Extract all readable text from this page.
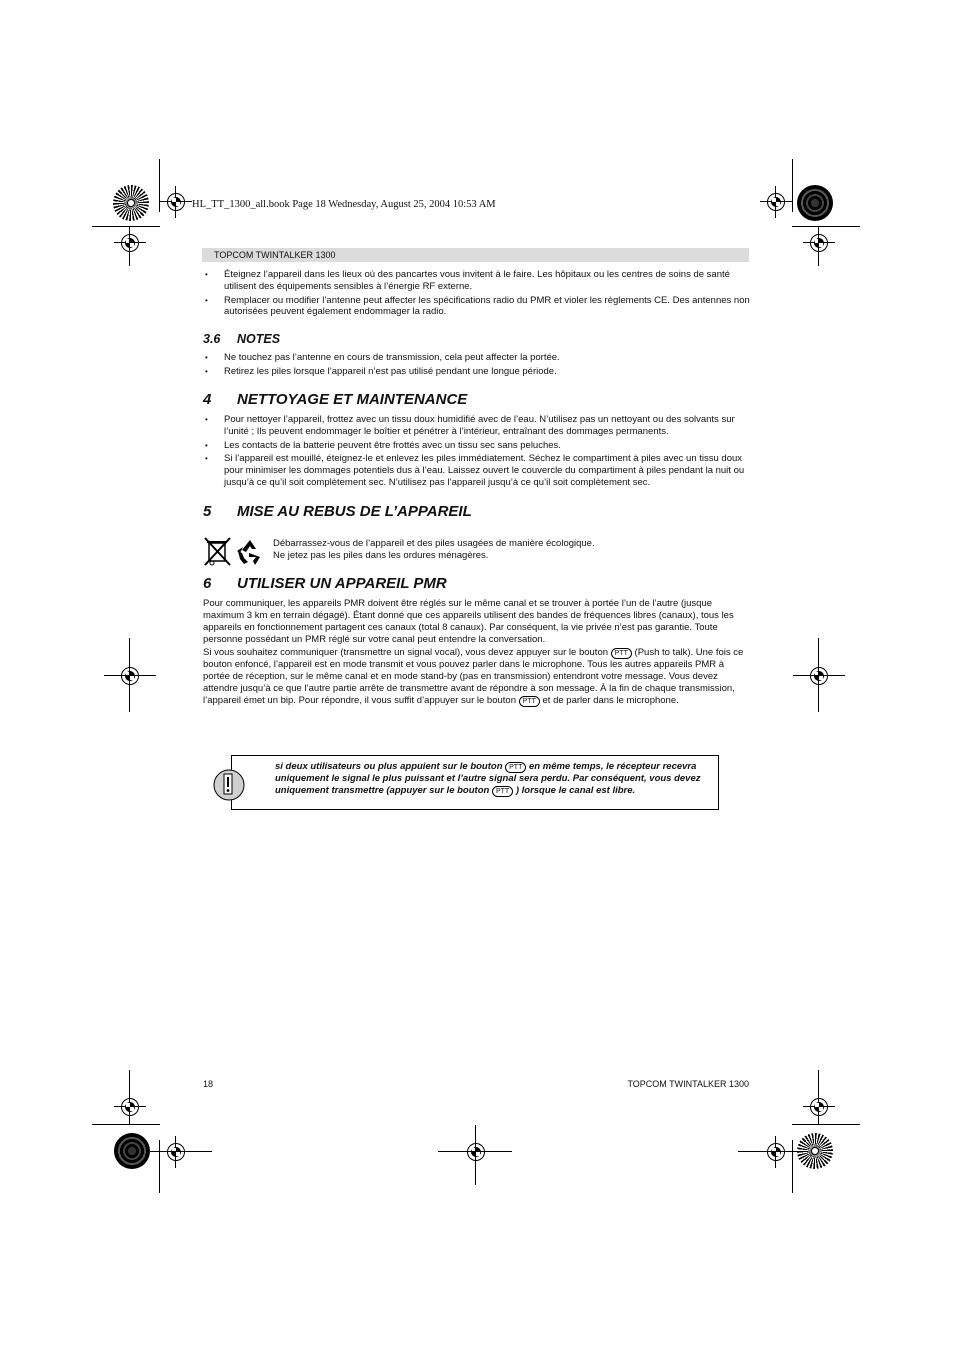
HL_TT_1300_all.book Page 18 Wednesday, August 25, 2004 10:53 AM
TOPCOM TWINTALKER 1300
• Éteignez l’appareil dans les lieux où des pancartes vous invitent à le faire. Les hôpitaux ou les centres de soins de santé utilisent des équipements sensibles à l’énergie RF externe.
• Remplacer ou modifier l’antenne peut affecter les spécifications radio du PMR et violer les règlements CE. Des antennes non autorisées peuvent également endommager la radio.
3.6 NOTES
• Ne touchez pas l’antenne en cours de transmission, cela peut affecter la portée.
• Retirez les piles lorsque l’appareil n’est pas utilisé pendant une longue période.
4 NETTOYAGE ET MAINTENANCE
• Pour nettoyer l’appareil, frottez avec un tissu doux humidifié avec de l’eau. N’utilisez pas un nettoyant ou des solvants sur l’unité ; Ils peuvent endommager le boîtier et pénétrer à l’intérieur, entraînant des dommages permanents.
• Les contacts de la batterie peuvent être frottés avec un tissu sec sans peluches.
• Si l’appareil est mouillé, éteignez-le et enlevez les piles immédiatement. Séchez le compartiment à piles avec un tissu doux pour minimiser les dommages potentiels dus à l’eau. Laissez ouvert le couvercle du compartiment à piles pendant la nuit ou jusqu’à ce qu’il soit complètement sec. N’utilisez pas l’appareil jusqu’à ce qu’il soit complètement sec.
5 MISE AU REBUS DE L’APPAREIL
Débarrassez-vous de l’appareil et des piles usagées de manière écologique.
Ne jetez pas les piles dans les ordures ménagères.
6 UTILISER UN APPAREIL PMR
Pour communiquer, les appareils PMR doivent être réglés sur le même canal et se trouver à portée l’un de l’autre (jusque maximum 3 km en terrain dégagé). Étant donné que ces appareils utilisent des bandes de fréquences libres (canaux), tous les appareils en fonctionnement partagent ces canaux (total 8 canaux). Par conséquent, la vie privée n’est pas garantie. Toute personne possédant un PMR réglé sur votre canal peut entendre la conversation.
Si vous souhaitez communiquer (transmettre un signal vocal), vous devez appuyer sur le bouton PTT (Push to talk). Une fois ce bouton enfoncé, l’appareil est en mode transmit et vous pouvez parler dans le microphone. Tous les autres appareils PMR à portée de réception, sur le même canal et en mode stand-by (pas en transmission) entendront votre message. Vous devez attendre jusqu’à ce que l’autre partie arrête de transmettre avant de répondre à son message. À la fin de chaque transmission, l’appareil émet un bip. Pour répondre, il vous suffit d’appuyer sur le bouton PTT et de parler dans le microphone.
si deux utilisateurs ou plus appuient sur le bouton PTT en même temps, le récepteur recevra uniquement le signal le plus puissant et l’autre signal sera perdu. Par conséquent, vous devez uniquement transmettre (appuyer sur le bouton PTT ) lorsque le canal est libre.
18	TOPCOM TWINTALKER 1300
